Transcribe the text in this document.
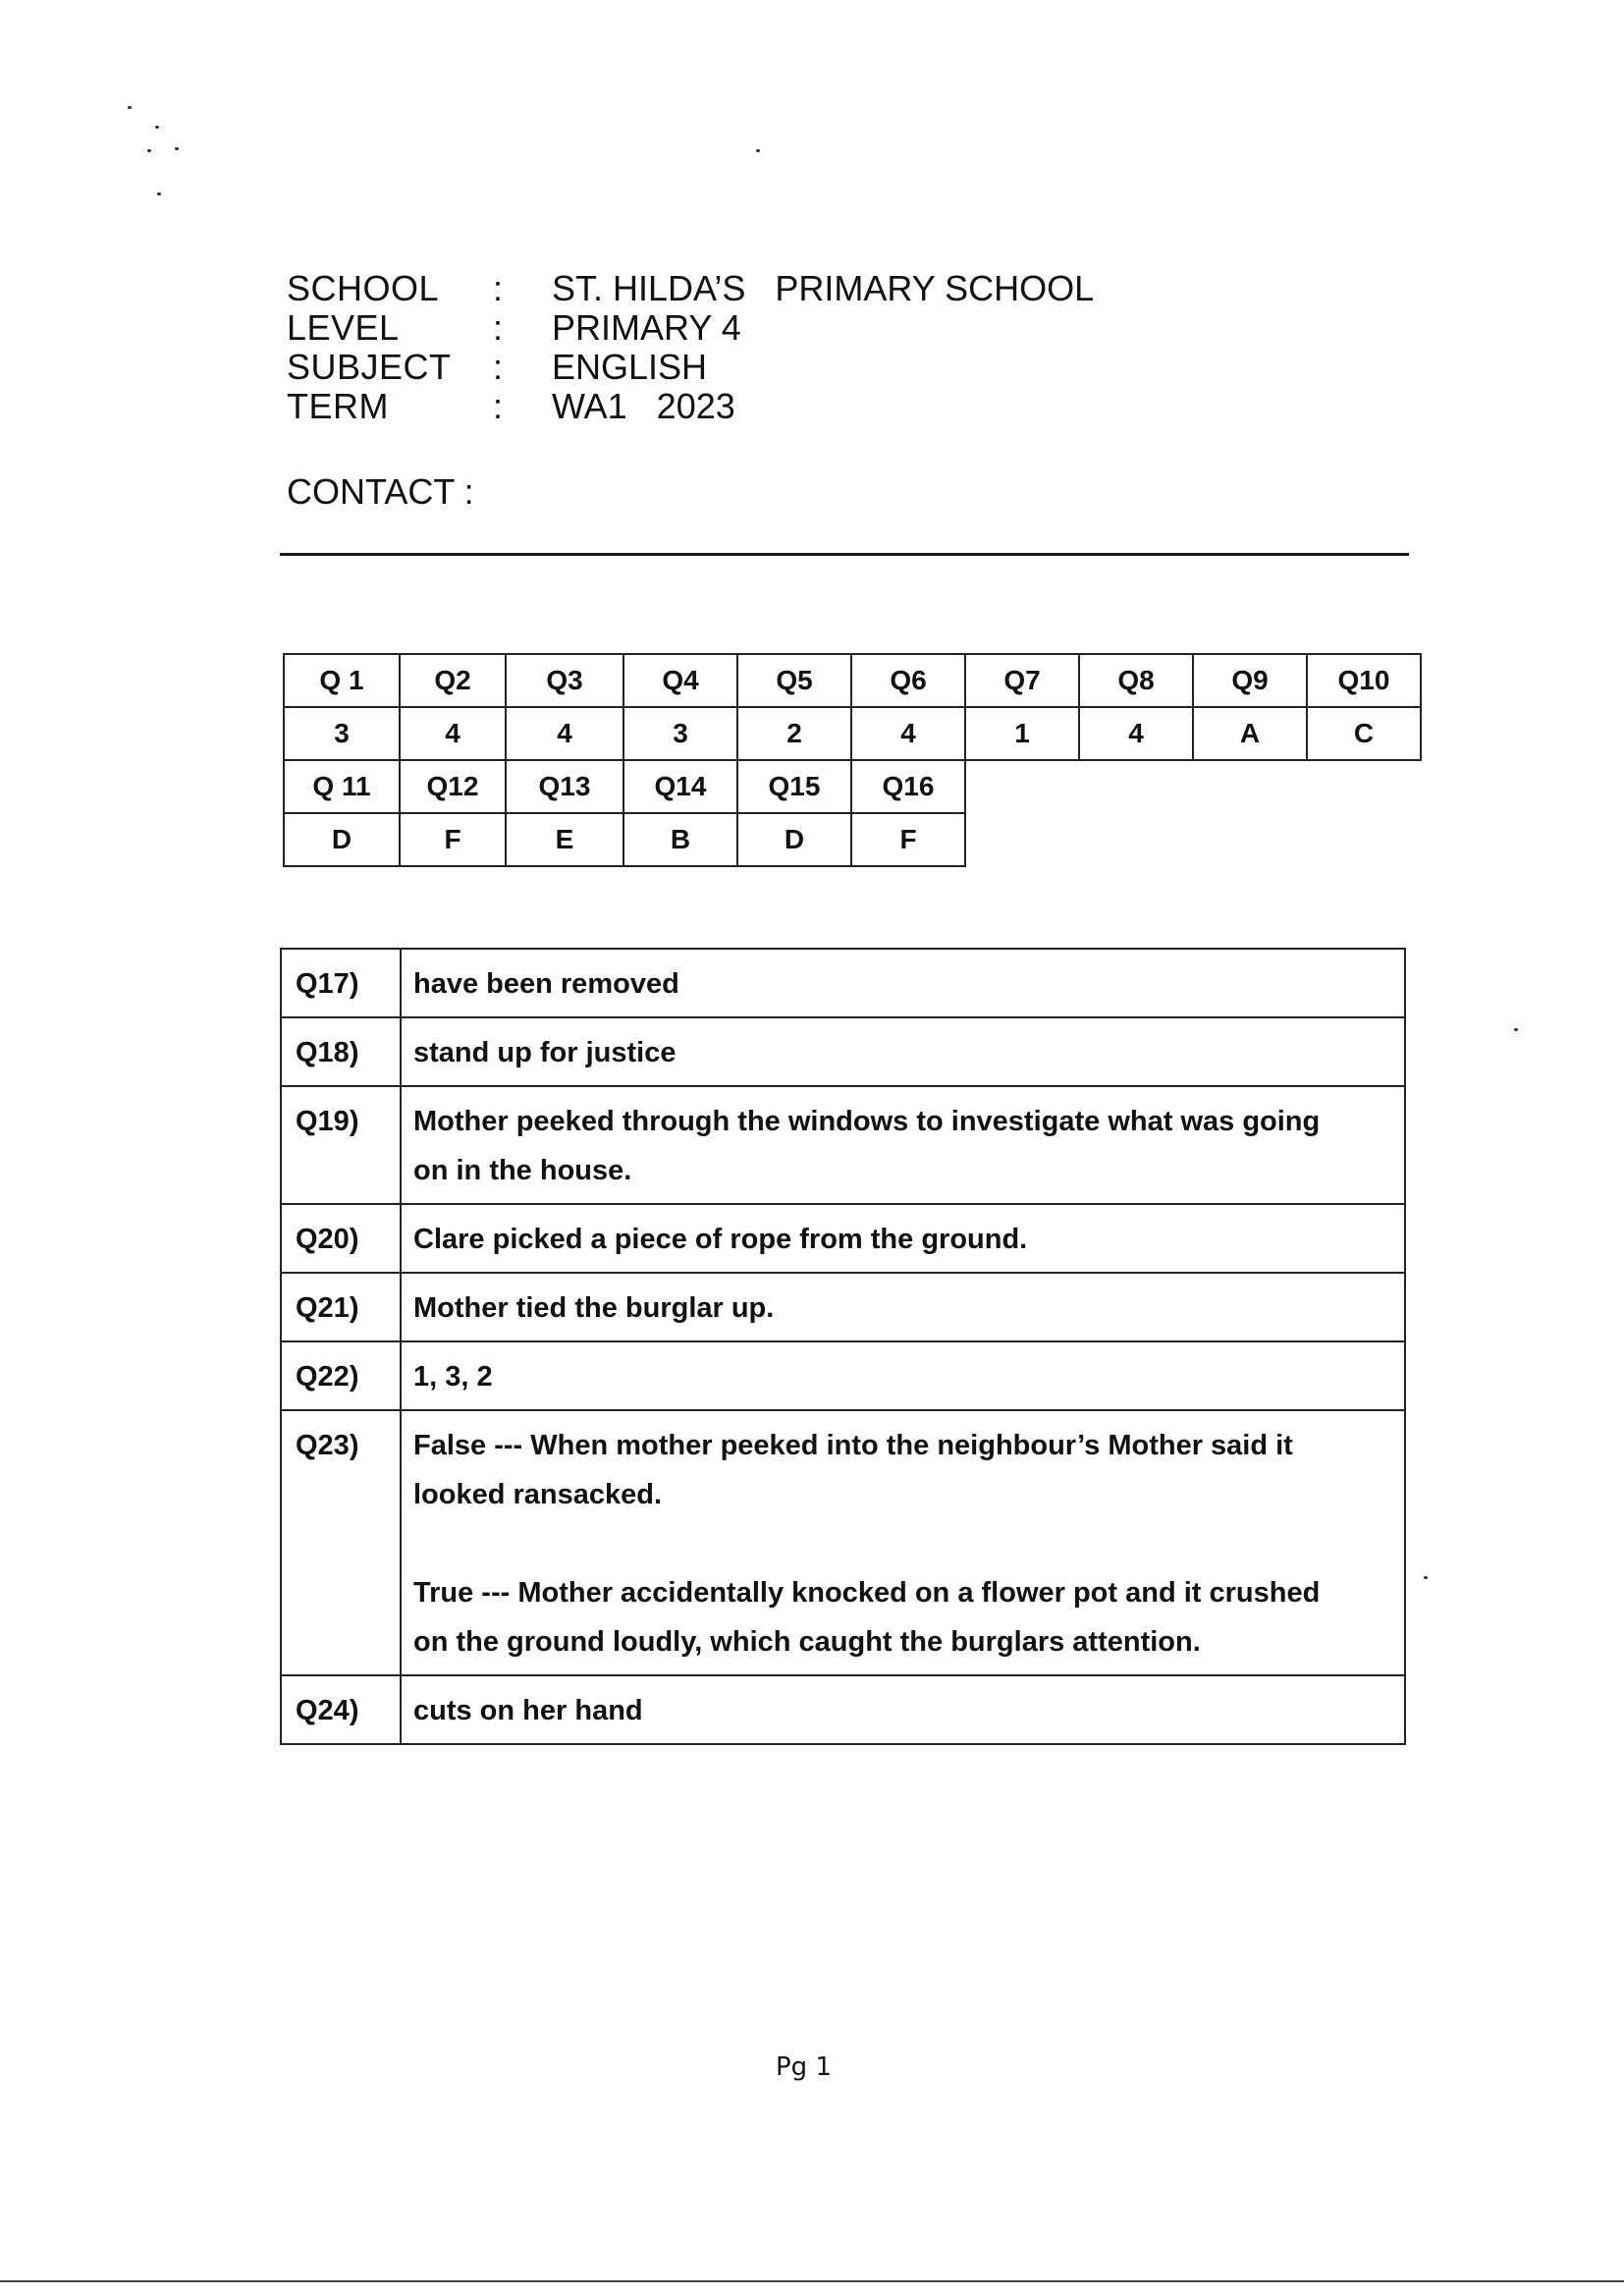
SCHOOL	:	ST. HILDA’S   PRIMARY SCHOOL
LEVEL	:	PRIMARY 4
SUBJECT	:	ENGLISH
TERM	:	WA1   2023
CONTACT :
Q 1	Q2	Q3	Q4	Q5	Q6	Q7	Q8	Q9	Q10
3	4	4	3	2	4	1	4	A	C
Q 11	Q12	Q13	Q14	Q15	Q16				
D	F	E	B	D	F				
Q17)	have been removed

Q18)	stand up for justice

Q19)	Mother peeked through the windows to investigate what was going
on in the house.

Q20)	Clare picked a piece of rope from the ground.

Q21)	Mother tied the burglar up.

Q22)	1, 3, 2

Q23)	False --- When mother peeked into the neighbour’s Mother said it
looked ransacked.
True --- Mother accidentally knocked on a flower pot and it crushed
on the ground loudly, which caught the burglars attention.

Q24)	cuts on her hand
Pg 1
